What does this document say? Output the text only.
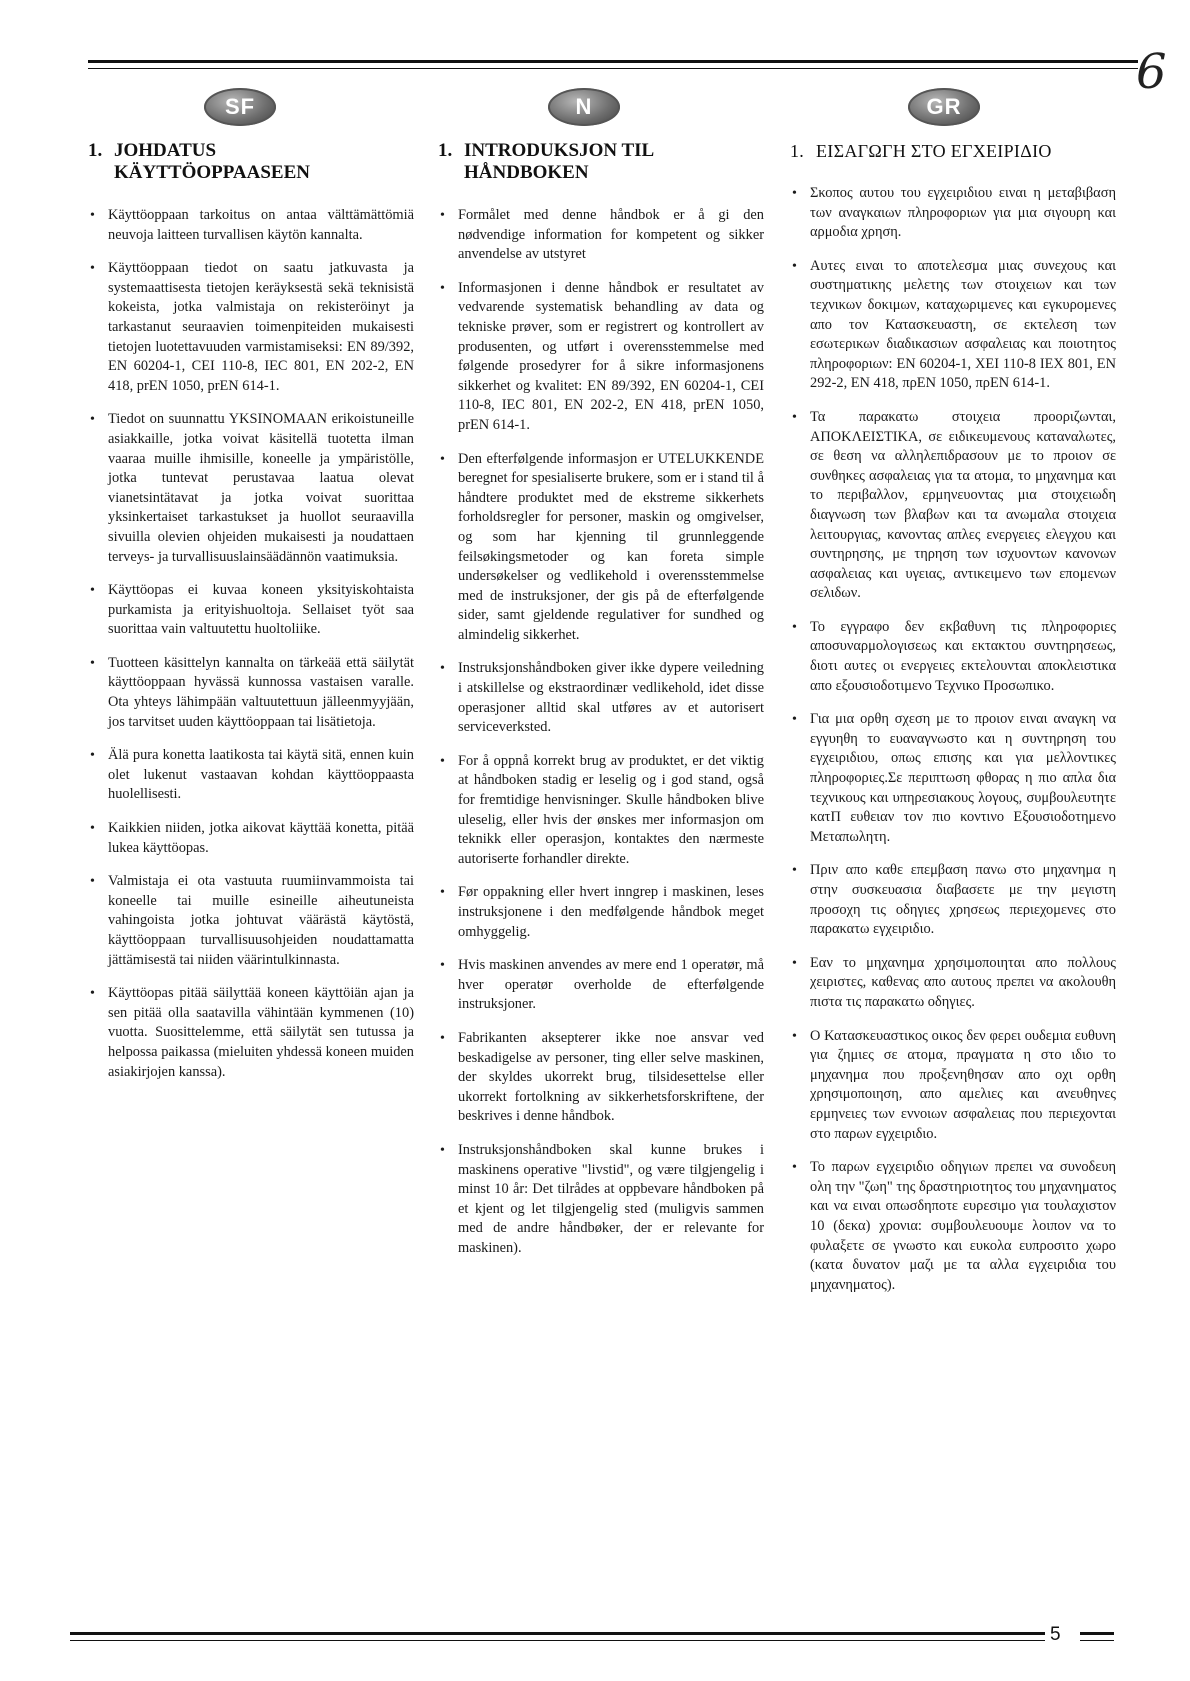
6
SF	N	GR
1. JOHDATUS KÄYTTÖOPPAASEEN
• Käyttöoppaan tarkoitus on antaa välttämättömiä neuvoja laitteen turvallisen käytön kannalta.
• Käyttöoppaan tiedot on saatu jatkuvasta ja systemaattisesta tietojen keräyksestä sekä teknisistä kokeista, jotka valmistaja on rekisteröinyt ja tarkastanut seuraavien toimenpiteiden mukaisesti tietojen luotettavuuden varmistamiseksi: EN 89/392, EN 60204-1, CEI 110-8, IEC 801, EN 202-2, EN 418, prEN 1050, prEN 614-1.
• Tiedot on suunnattu YKSINOMAAN erikoistuneille asiakkaille, jotka voivat käsitellä tuotetta ilman vaaraa muille ihmisille, koneelle ja ympäristölle, jotka tuntevat perustavaa laatua olevat vianetsintätavat ja jotka voivat suorittaa yksinkertaiset tarkastukset ja huollot seuraavilla sivuilla olevien ohjeiden mukaisesti ja noudattaen terveys- ja turvallisuuslainsäädännön vaatimuksia.
• Käyttöopas ei kuvaa koneen yksityiskohtaista purkamista ja erityishuoltoja. Sellaiset työt saa suorittaa vain valtuutettu huoltoliike.
• Tuotteen käsittelyn kannalta on tärkeää että säilytät käyttöoppaan hyvässä kunnossa vastaisen varalle. Ota yhteys lähimpään valtuutettuun jälleenmyyjään, jos tarvitset uuden käyttöoppaan tai lisätietoja.
• Älä pura konetta laatikosta tai käytä sitä, ennen kuin olet lukenut vastaavan kohdan käyttöoppaasta huolellisesti.
• Kaikkien niiden, jotka aikovat käyttää konetta, pitää lukea käyttöopas.
• Valmistaja ei ota vastuuta ruumiinvammoista tai koneelle tai muille esineille aiheutuneista vahingoista jotka johtuvat väärästä käytöstä, käyttöoppaan turvallisuusohjeiden noudattamatta jättämisestä tai niiden väärintulkinnasta.
• Käyttöopas pitää säilyttää koneen käyttöiän ajan ja sen pitää olla saatavilla vähintään kymmenen (10) vuotta. Suosittelemme, että säilytät sen tutussa ja helpossa paikassa (mieluiten yhdessä koneen muiden asiakirjojen kanssa).
1. INTRODUKSJON TIL HÅNDBOKEN
• Formålet med denne håndbok er å gi den nødvendige information for kompetent og sikker anvendelse av utstyret
• Informasjonen i denne håndbok er resultatet av vedvarende systematisk behandling av data og tekniske prøver, som er registrert og kontrollert av produsenten, og utført i overensstemmelse med følgende prosedyrer for å sikre informasjonens sikkerhet og kvalitet: EN 89/392, EN 60204-1, CEI 110-8, IEC 801, EN 202-2, EN 418, prEN 1050, prEN 614-1.
• Den efterfølgende informasjon er UTELUKKENDE beregnet for spesialiserte brukere, som er i stand til å håndtere produktet med de ekstreme sikkerhets forholdsregler for personer, maskin og omgivelser, og som har kjenning til grunnleggende feilsøkingsmetoder og kan foreta simple undersøkelser og vedlikehold i overensstemmelse med de instruksjoner, der gis på de efterfølgende sider, samt gjeldende regulativer for sundhed og almindelig sikkerhet.
• Instruksjonshåndboken giver ikke dypere veiledning i atskillelse og ekstraordinær vedlikehold, idet disse operasjoner alltid skal utføres av et autorisert serviceverksted.
• For å oppnå korrekt brug av produktet, er det viktig at håndboken stadig er leselig og i god stand, også for fremtidige henvisninger. Skulle håndboken blive uleselig, eller hvis der ønskes mer informasjon om teknikk eller operasjon, kontaktes den nærmeste autoriserte forhandler direkte.
• Før oppakning eller hvert inngrep i maskinen, leses instruksjonene i den medfølgende håndbok meget omhyggelig.
• Hvis maskinen anvendes av mere end 1 operatør, må hver operatør overholde de efterfølgende instruksjoner.
• Fabrikanten aksepterer ikke noe ansvar ved beskadigelse av personer, ting eller selve maskinen, der skyldes ukorrekt brug, tilsidesettelse eller ukorrekt fortolkning av sikkerhetsforskriftene, der beskrives i denne håndbok.
• Instruksjonshåndboken skal kunne brukes i maskinens operative "livstid", og være tilgjengelig i minst 10 år: Det tilrådes at oppbevare håndboken på et kjent og let tilgjengelig sted (muligvis sammen med de andre håndbøker, der er relevante for maskinen).
1. ΕΙΣΑΓΩΓΗ ΣΤΟ ΕΓΧΕΙΡΙΔΙΟ
• Σκοπος αυτου του εγχειριδιου ειναι η μεταβιβαση των αναγκαιων πληροφοριων για μια σιγουρη και αρμοδια χρηση.
• Αυτες ειναι το αποτελεσμα μιας συνεχους και συστηματικης μελετης των στοιχειων και των τεχνικων δοκιμων, καταχωριμενες και εγκυρομενες απο τον Κατασκευαστη, σε εκτελεση των εσωτερικων διαδικασιων ασφαλειας και ποιοτητος πληροφοριων: EN 60204-1, ΧΕΙ 110-8 ΙΕΧ 801, EN 292-2, EN 418, πρEN 1050, πρEN 614-1.
• Τα παρακατω στοιχεια προοριζωνται, ΑΠΟΚΛΕΙΣΤΙΚΑ, σε ειδικευμενους καταναλωτες, σε θεση να αλληλεπιδρασουν με το προιον σε συνθηκες ασφαλειας για τα ατομα, το μηχανημα και το περιβαλλον, ερμηνευοντας μια στοιχειωδη διαγνωση των βλαβων και τα ανωμαλα στοιχεια λειτουργιας, κανοντας απλες ενεργειες ελεγχου και συντηρησης, με τηρηση των ισχυοντων κανονων ασφαλειας και υγειας, αντικειμενο των επομενων σελιδων.
• Το εγγραφο δεν εκβαθυνη τις πληροφοριες αποσυναρμολογισεως και εκτακτου συντηρησεως, διοτι αυτες οι ενεργειες εκτελουνται αποκλειστικα απο εξουσιοδοτιμενο Τεχνικο Προσωπικο.
• Για μια ορθη σχεση με το προιον ειναι αναγκη να εγγυηθη το ευαναγνωστο και η συντηρηση του εγχειριδιου, οπως επισης και για μελλοντικες πληροφοριες.Σε περιπτωση φθορας η πιο απλα δια τεχνικους και υπηρεσιακους λογους, συμβουλευτητε κατΠ ευθειαν τον πιο κοντινο Εξουσιοδοτημενο Μεταπωλητη.
• Πριν απο καθε επεμβαση πανω στο μηχανημα η στην συσκευασια διαβασετε με την μεγιστη προσοχη τις οδηγιες χρησεως περιεχομενες στο παρακατω εγχειριδιο.
• Εαν το μηχανημα χρησιμοποιηται απο πολλους χειριστες, καθενας απο αυτους πρεπει να ακολουθη πιστα τις παρακατω οδηγιες.
• Ο Κατασκευαστικος οικος δεν φερει ουδεμια ευθυνη για ζημιες σε ατομα, πραγματα η στο ιδιο το μηχανημα που προξενηθησαν απο οχι ορθη χρησιμοποιηση, απο αμελιες και ανευθηνες ερμηνειες των εννοιων ασφαλειας που περιεχονται στο παρων εγχειριδιο.
• Το παρων εγχειριδιο οδηγιων πρεπει να συνοδευη ολη την "ζωη" της δραστηριοτητος του μηχανηματος και να ειναι οπωσδηποτε ευρεσιμο για τουλαχιστον 10 (δεκα) χρονια: συμβουλευουμε λοιπον να το φυλαξετε σε γνωστο και ευκολα ευπροσιτο χωρο (κατα δυνατον μαζι με τα αλλα εγχειριδια του μηχανηματος).
5
